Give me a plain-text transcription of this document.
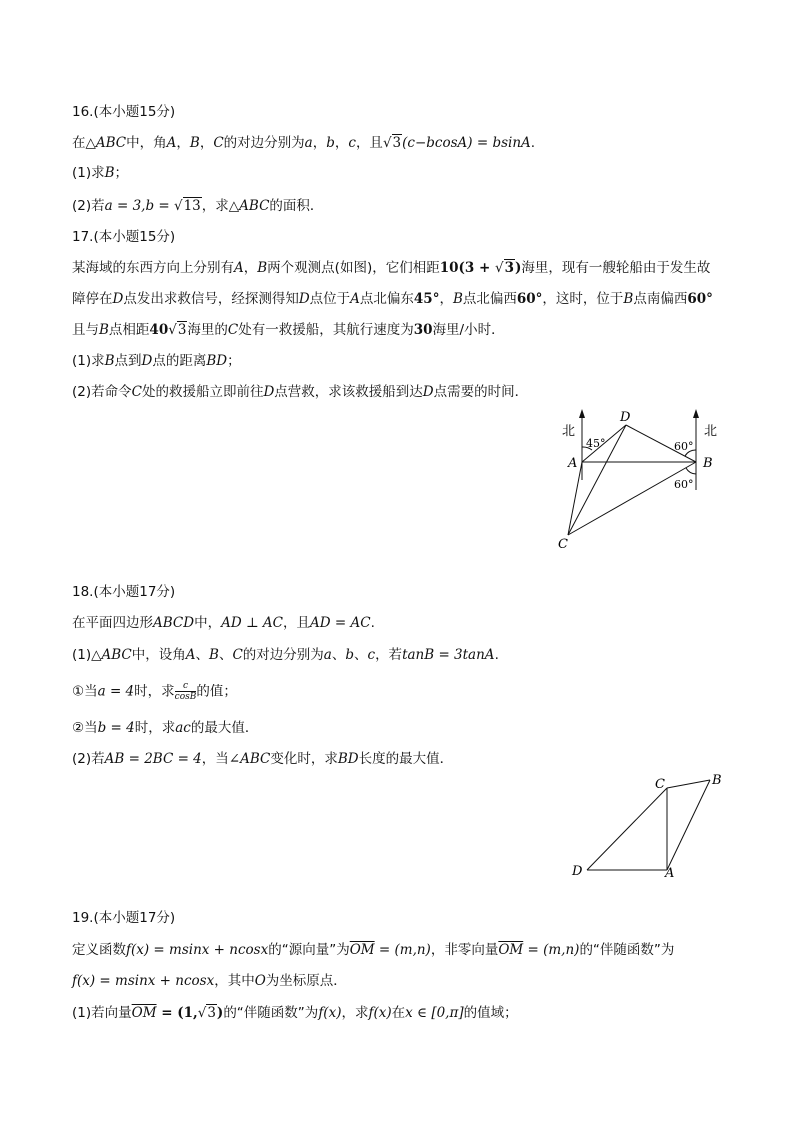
16.(本小题15分)
在△ABC中，角A，B，C的对边分别为a，b，c，且√3(c−bcosA) = bsinA.
(1)求B；
(2)若a = 3,b = √13，求△ABC的面积．
17.(本小题15分)
某海域的东西方向上分别有A，B两个观测点(如图)，它们相距10(3 + √3)海里，现有一艘轮船由于发生故
障停在D点发出求救信号，经探测得知D点位于A点北偏东45°，B点北偏西60°，这时，位于B点南偏西60°
且与B点相距40√3海里的C处有一救援船，其航行速度为30海里/小时．
(1)求B点到D点的距离BD；
(2)若命令C处的救援船立即前往D点营救，求该救援船到达D点需要的时间．
北	北
45°	60°
60°
A	B
C
D
18.(本小题17分)
在平面四边形ABCD中，AD ⊥ AC，且AD = AC.
(1)△ABC中，设角A、B、C的对边分别为a、b、c，若tanB = 3tanA.
①当a = 4时，求 $\frac{c}{\cos B}$ 的值；
②当b = 4时，求ac的最大值．
(2)若AB = 2BC = 4，当∠ABC变化时，求BD长度的最大值．
D	A
C	B
19.(本小题17分)
定义函数f(x) = msinx + ncosx的“源向量”为$\overline{OM} = (m,n)$，非零向量$\overline{OM} = (m,n)$的“伴随函数”为
f(x) = msinx + ncosx，其中O为坐标原点．
(1)若向量$\overline{OM} = (1,√3)$的“伴随函数”为f(x)，求f(x)在x ∈ [0,π]的值域；
